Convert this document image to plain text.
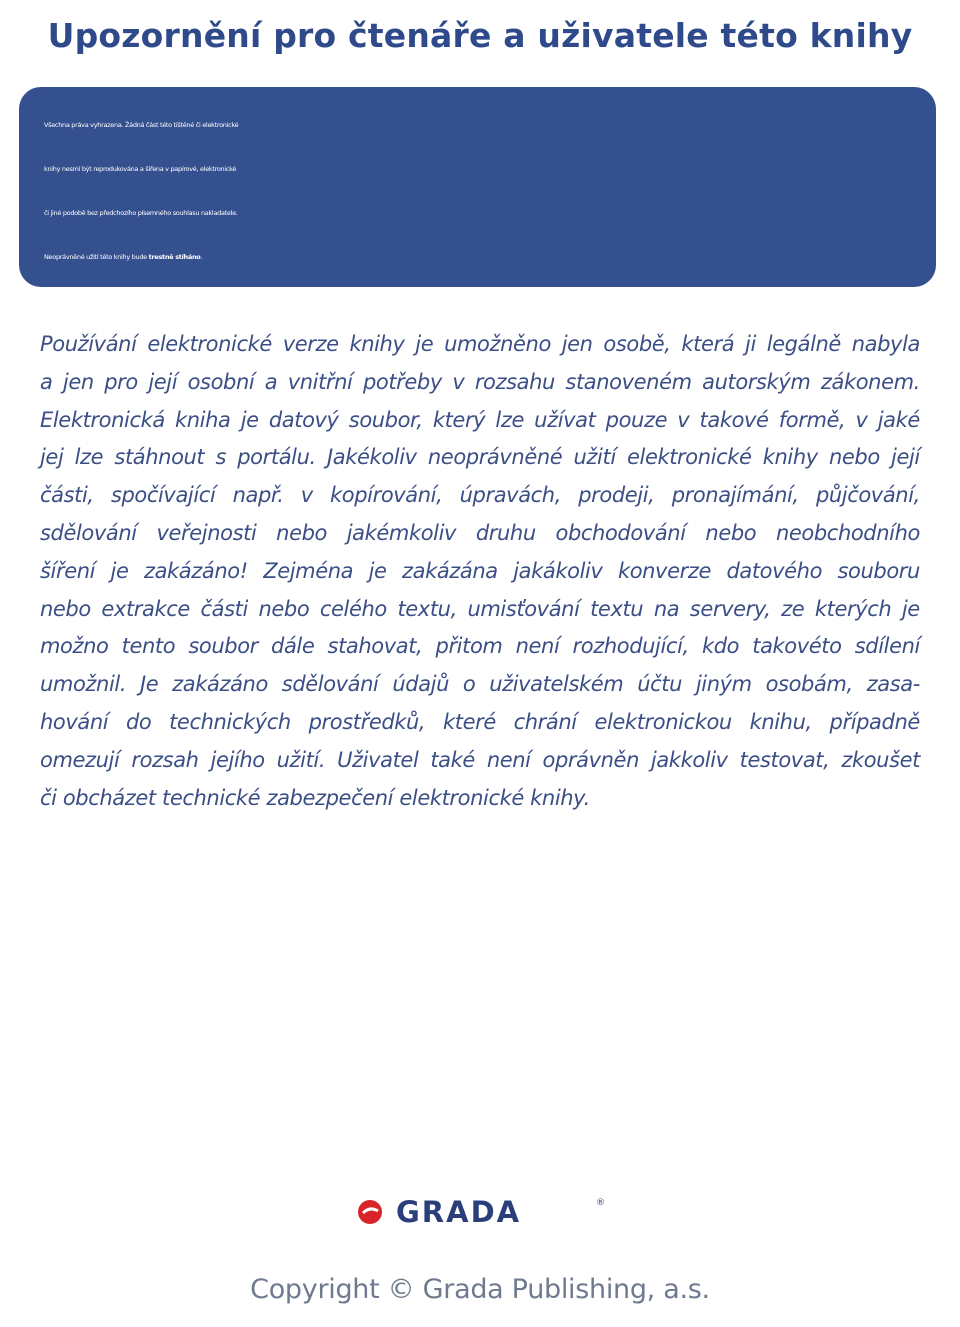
Upozornění pro čtenáře a uživatele této knihy
Všechna práva vyhrazena. Žádná část této tištěné či elektronické
knihy nesmí být reprodukována a šířena v papírové, elektronické
či jiné podobě bez předchozího písemného souhlasu nakladatele.
Neoprávněné užití této knihy bude trestně stíháno.
Používání elektronické verze knihy je umožněno jen osobě, která ji legálně nabyla
a jen pro její osobní a vnitřní potřeby v rozsahu stanoveném autorským zákonem.
Elektronická kniha je datový soubor, který lze užívat pouze v takové formě, v jaké
jej lze stáhnout s portálu. Jakékoliv neoprávněné užití elektronické knihy nebo její
části, spočívající např. v kopírování, úpravách, prodeji, pronajímání, půjčování,
sdělování veřejnosti nebo jakémkoliv druhu obchodování nebo neobchodního
šíření je zakázáno! Zejména je zakázána jakákoliv konverze datového souboru
nebo extrakce části nebo celého textu, umisťování textu na servery, ze kterých je
možno tento soubor dále stahovat, přitom není rozhodující, kdo takovéto sdílení
umožnil. Je zakázáno sdělování údajů o uživatelském účtu jiným osobám, zasa-
hování do technických prostředků, které chrání elektronickou knihu, případně
omezují rozsah jejího užití. Uživatel také není oprávněn jakkoliv testovat, zkoušet
či obcházet technické zabezpečení elektronické knihy.
GRADA	®
Copyright © Grada Publishing, a.s.
